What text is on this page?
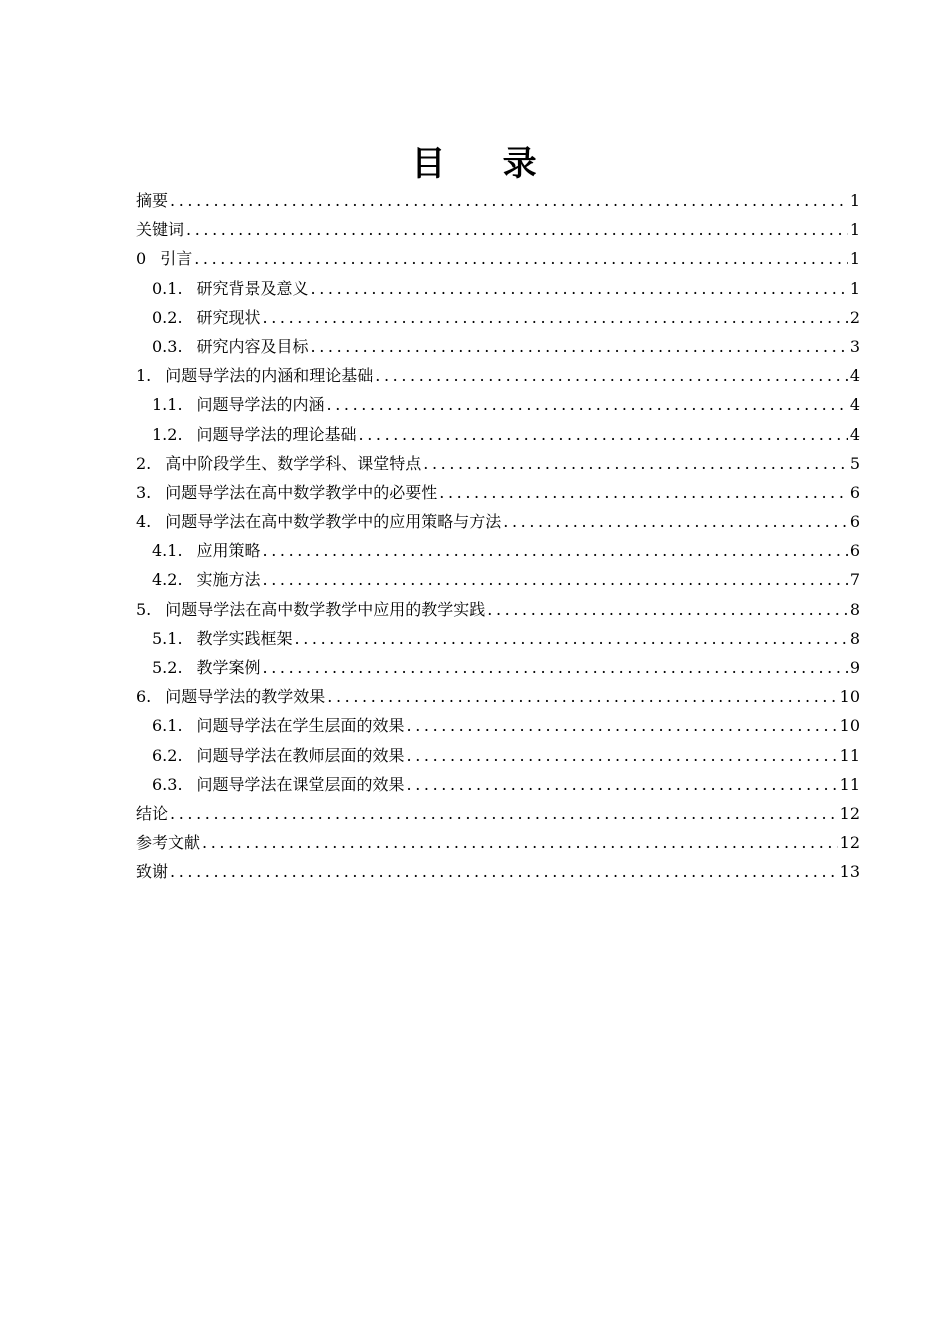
目    录
摘要 .....	1
关键词 .....	1
0 引言 .....	1
0.1. 研究背景及意义 .....	1
0.2. 研究现状 .....	2
0.3. 研究内容及目标 .....	3
1. 问题导学法的内涵和理论基础 .....	4
1.1. 问题导学法的内涵 .....	4
1.2. 问题导学法的理论基础 .....	4
2. 高中阶段学生、数学学科、课堂特点 .....	5
3. 问题导学法在高中数学教学中的必要性 .....	6
4. 问题导学法在高中数学教学中的应用策略与方法 .....	6
4.1. 应用策略 .....	6
4.2. 实施方法 .....	7
5. 问题导学法在高中数学教学中应用的教学实践 .....	8
5.1. 教学实践框架 .....	8
5.2. 教学案例 .....	9
6. 问题导学法的教学效果 .....	10
6.1. 问题导学法在学生层面的效果 .....	10
6.2. 问题导学法在教师层面的效果 .....	11
6.3. 问题导学法在课堂层面的效果 .....	11
结论 .....	12
参考文献 .....	12
致谢 .....	13
